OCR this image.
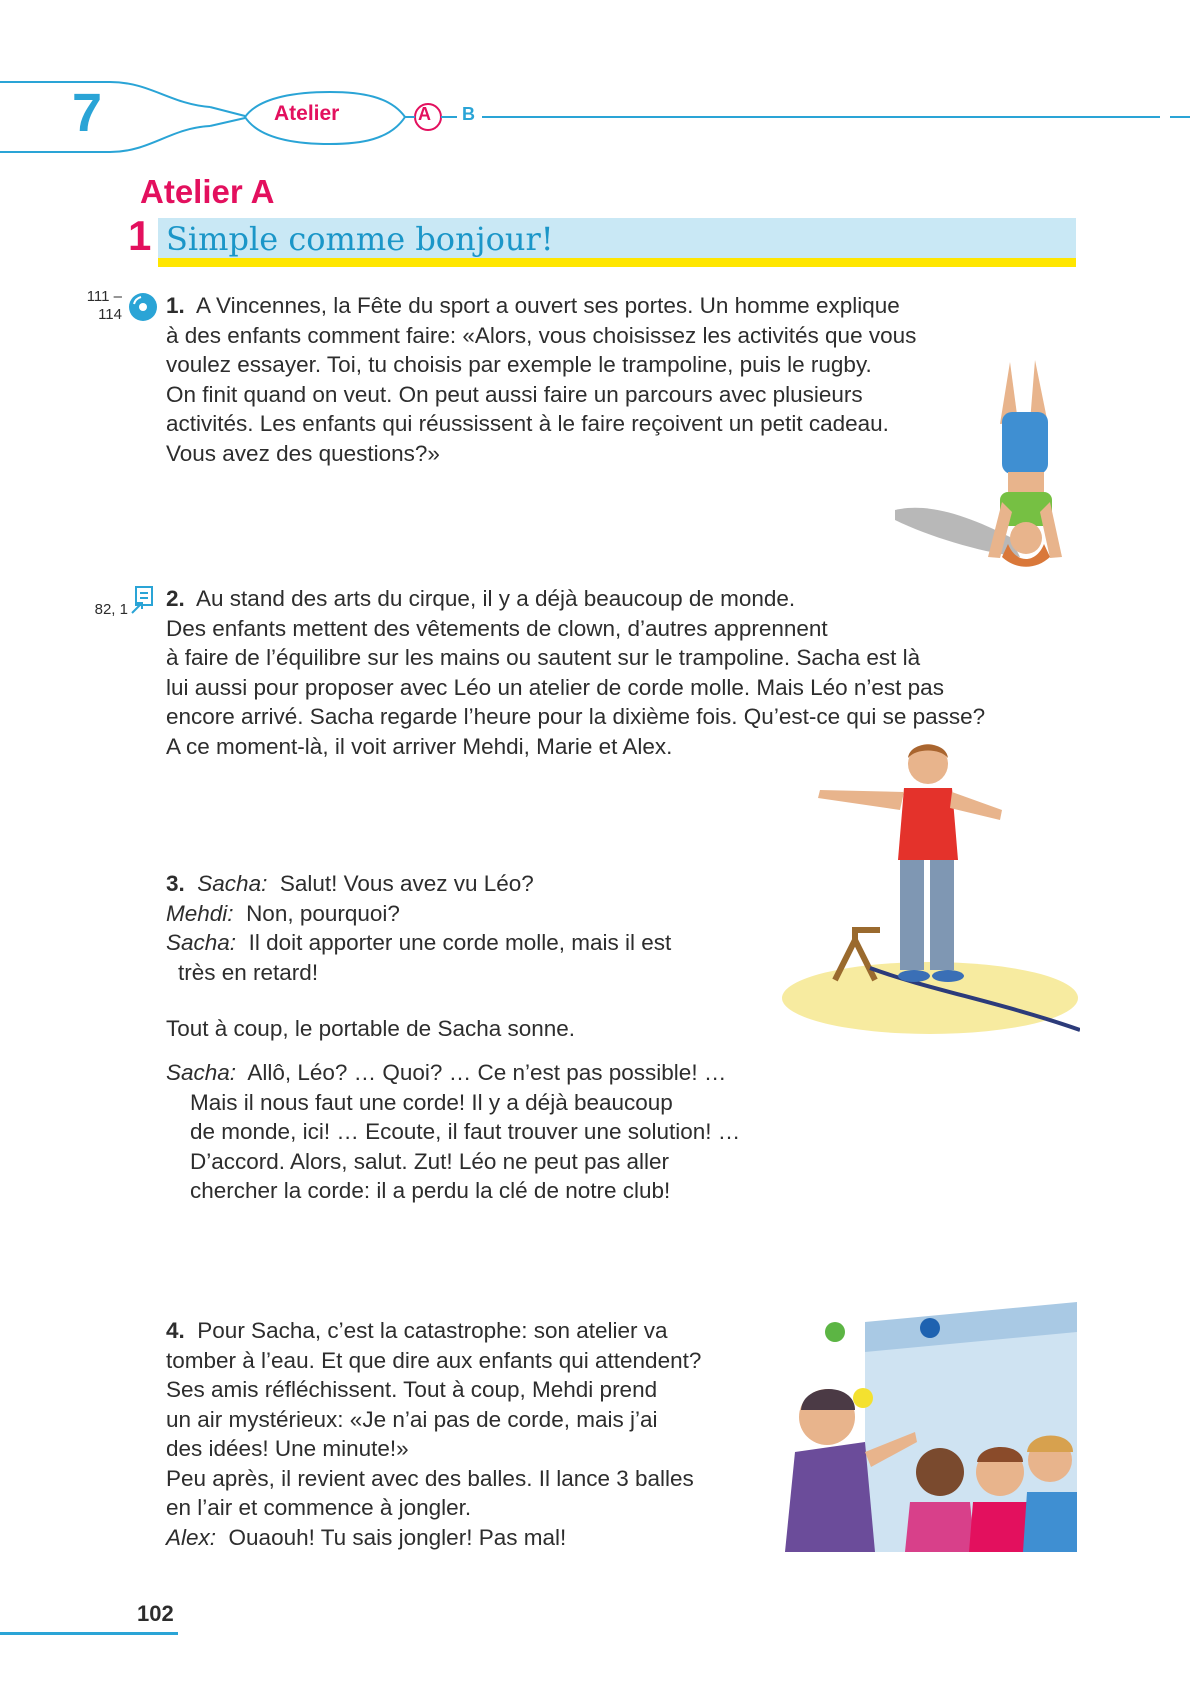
7	Atelier	A B
Atelier A
1 Simple comme bonjour!
111 –
114 1. A Vincennes, la Fête du sport a ouvert ses portes. Un homme explique
à des enfants comment faire: «Alors, vous choisissez les activités que vous
voulez essayer. Toi, tu choisis par exemple le trampoline, puis le rugby.
On finit quand on veut. On peut aussi faire un parcours avec plusieurs
activités. Les enfants qui réussissent à le faire reçoivent un petit cadeau.
Vous avez des questions?»
82, 1 2. Au stand des arts du cirque, il y a déjà beaucoup de monde.
Des enfants mettent des vêtements de clown, d’autres apprennent
à faire de l’équilibre sur les mains ou sautent sur le trampoline. Sacha est là
lui aussi pour proposer avec Léo un atelier de corde molle. Mais Léo n’est pas
encore arrivé. Sacha regarde l’heure pour la dixième fois. Qu’est-ce qui se passe?
A ce moment-là, il voit arriver Mehdi, Marie et Alex.
3. Sacha: Salut! Vous avez vu Léo?
Mehdi: Non, pourquoi?
Sacha: Il doit apporter une corde molle, mais il est
très en retard!
Tout à coup, le portable de Sacha sonne.
Sacha: Allô, Léo? … Quoi? … Ce n’est pas possible! …
Mais il nous faut une corde! Il y a déjà beaucoup
de monde, ici! … Ecoute, il faut trouver une solution! …
D’accord. Alors, salut. Zut! Léo ne peut pas aller
chercher la corde: il a perdu la clé de notre club!
4. Pour Sacha, c’est la catastrophe: son atelier va
tomber à l’eau. Et que dire aux enfants qui attendent?
Ses amis réfléchissent. Tout à coup, Mehdi prend
un air mystérieux: «Je n’ai pas de corde, mais j’ai
des idées! Une minute!»
Peu après, il revient avec des balles. Il lance 3 balles
en l’air et commence à jongler.
Alex: Ouaouh! Tu sais jongler! Pas mal!
102
